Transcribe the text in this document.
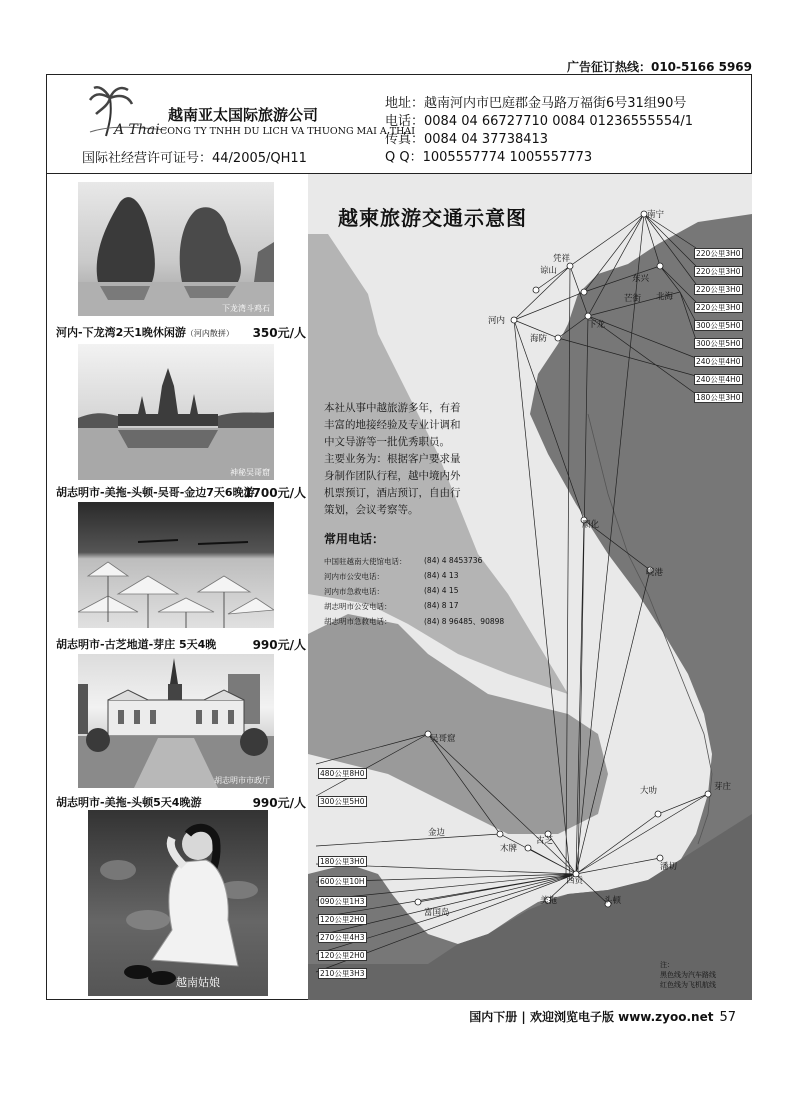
广告征订热线：010-5166 5969
A Thai
越南亚太国际旅游公司
CONG TY TNHH DU LICH VA THUONG MAI A THAI
国际社经营许可证号：44/2005/QH11
地址：越南河内市巴庭郡金马路万福街6号31组90号
电话：0084 04 66727710 0084 01236555554/1
传真：0084 04 37738413
Q Q：1005557774 1005557773
下龙湾斗鸡石
河内-下龙湾2天1晚休闲游（河内散拼） 350元/人
神秘吴哥窟
胡志明市-美拖-头顿-吴哥-金边7天6晚游
1700元/人
胡志明市-古芝地道-芽庄 5天4晚	990元/人
胡志明市市政厅
胡志明市-美拖-头顿5天4晚游	990元/人
越南姑娘
越柬旅游交通示意图	南宁
凭祥
谅山
东兴
芒街 北海
河内
海防
下龙
顺化
岘港
吴哥窟
金边
古芝
木牌
西贡
美拖	头顿
潘切
大叻	芽庄
富国岛
220公里3H0
220公里3H0
220公里3H0
220公里3H0
300公里5H0
300公里5H0
240公里4H0
240公里4H0
180公里3H0
480公里8H0
300公里5H0
180公里3H0
600公里10H
090公里1H3
120公里2H0
270公里4H3
120公里2H0
210公里3H3
本社从事中越旅游多年，有着
丰富的地接经验及专业计调和
中文导游等一批优秀职员。
主要业务为：根据客户要求量
身制作团队行程，越中境内外
机票预订，酒店预订，自由行
策划，会议考察等。
常用电话：
中国驻越南大使馆电话： (84) 4 8453736
河内市公安电话：	(84) 4 13
河内市急救电话：	(84) 4 15
胡志明市公安电话：	(84) 8 17
胡志明市急救电话：	(84) 8 96485、90898
注：
黑色线为汽车路线
红色线为飞机航线
国内下册 | 欢迎浏览电子版 www.zyoo.net 57
